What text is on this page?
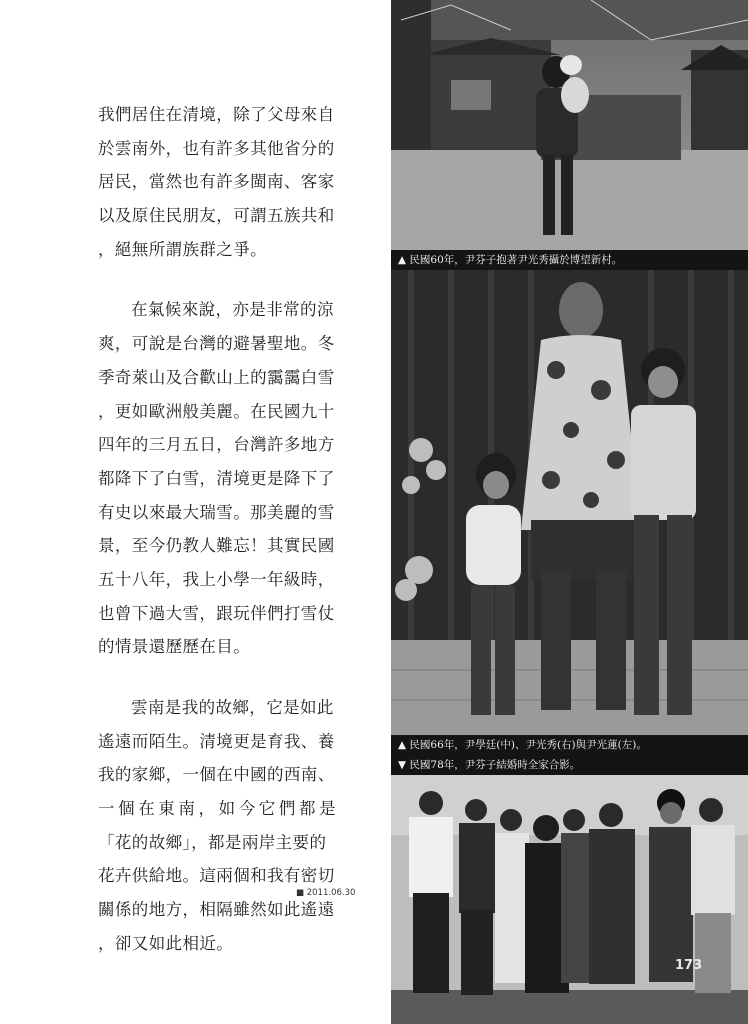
我們居住在清境，除了父母來自
於雲南外，也有許多其他省分的
居民，當然也有許多閩南、客家
以及原住民朋友，可謂五族共和
，絕無所謂族群之爭。
在氣候來說，亦是非常的涼
爽，可說是台灣的避暑聖地。冬
季奇萊山及合歡山上的靄靄白雪
，更如歐洲般美麗。在民國九十
四年的三月五日，台灣許多地方
都降下了白雪，清境更是降下了
有史以來最大瑞雪。那美麗的雪
景，至今仍教人難忘！其實民國
五十八年，我上小學一年級時，
也曾下過大雪，跟玩伴們打雪仗
的情景還歷歷在目。
雲南是我的故鄉，它是如此
遙遠而陌生。清境更是育我、養
我的家鄉，一個在中國的西南、
一個在東南，如今它們都是
「花的故鄉」，都是兩岸主要的
花卉供給地。這兩個和我有密切
關係的地方，相隔雖然如此遙遠
，卻又如此相近。
■ 2011.06.30
▲ 民國60年，尹芬子抱著尹光秀攝於博望新村。
▲ 民國66年，尹學廷(中)、尹光秀(右)與尹光蓮(左)。
▼ 民國78年，尹芬子結婚時全家合影。
173
